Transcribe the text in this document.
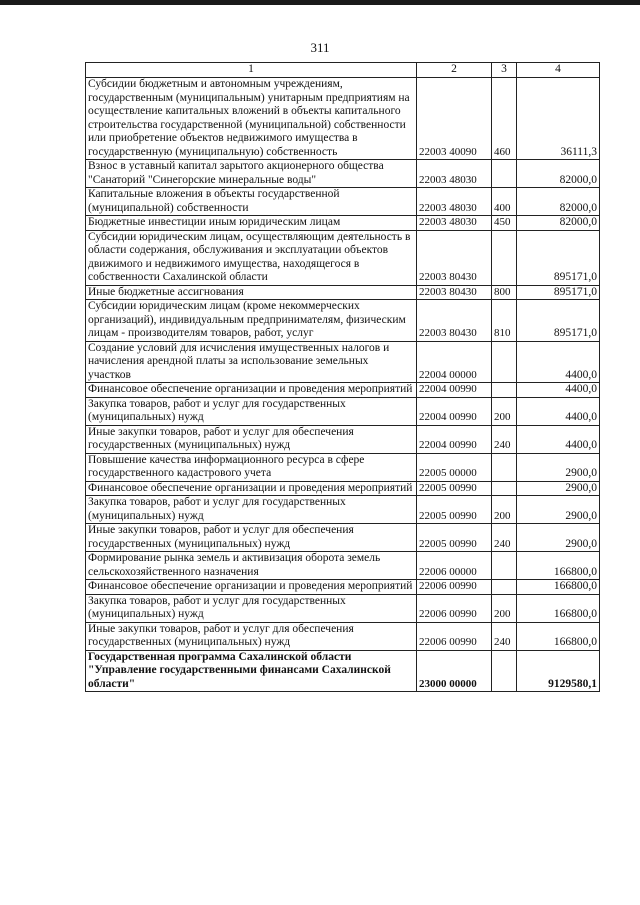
311
1	2	3	4
Субсидии бюджетным и автономным учреждениям, государственным (муниципальным) унитарным предприятиям на осуществление капитальных вложений в объекты капитального строительства государственной (муниципальной) собственности или приобретение объектов недвижимого имущества в государственную (муниципальную) собственность	22003 40090	460	36111,3
Взнос в уставный капитал зарытого акционерного общества "Санаторий "Синегорские минеральные воды"	22003 48030		82000,0
Капитальные вложения в объекты государственной (муниципальной) собственности	22003 48030	400	82000,0
Бюджетные инвестиции иным юридическим лицам	22003 48030	450	82000,0
Субсидии юридическим лицам, осуществляющим деятельность в области содержания, обслуживания и эксплуатации объектов движимого и недвижимого имущества, находящегося в собственности Сахалинской области	22003 80430		895171,0
Иные бюджетные ассигнования	22003 80430	800	895171,0
Субсидии юридическим лицам (кроме некоммерческих организаций), индивидуальным предпринимателям, физическим лицам - производителям товаров, работ, услуг	22003 80430	810	895171,0
Создание условий для исчисления имущественных налогов и начисления арендной платы за использование земельных участков	22004 00000		4400,0
Финансовое обеспечение организации и проведения мероприятий	22004 00990		4400,0
Закупка товаров, работ и услуг для государственных (муниципальных) нужд	22004 00990	200	4400,0
Иные закупки товаров, работ и услуг для обеспечения государственных (муниципальных) нужд	22004 00990	240	4400,0
Повышение качества информационного ресурса в сфере государственного кадастрового учета	22005 00000		2900,0
Финансовое обеспечение организации и проведения мероприятий	22005 00990		2900,0
Закупка товаров, работ и услуг для государственных (муниципальных) нужд	22005 00990	200	2900,0
Иные закупки товаров, работ и услуг для обеспечения государственных (муниципальных) нужд	22005 00990	240	2900,0
Формирование рынка земель и активизация оборота земель сельскохозяйственного назначения	22006 00000		166800,0
Финансовое обеспечение организации и проведения мероприятий	22006 00990		166800,0
Закупка товаров, работ и услуг для государственных (муниципальных) нужд	22006 00990	200	166800,0
Иные закупки товаров, работ и услуг для обеспечения государственных (муниципальных) нужд	22006 00990	240	166800,0
Государственная программа Сахалинской области "Управление государственными финансами Сахалинской области"	23000 00000		9129580,1
